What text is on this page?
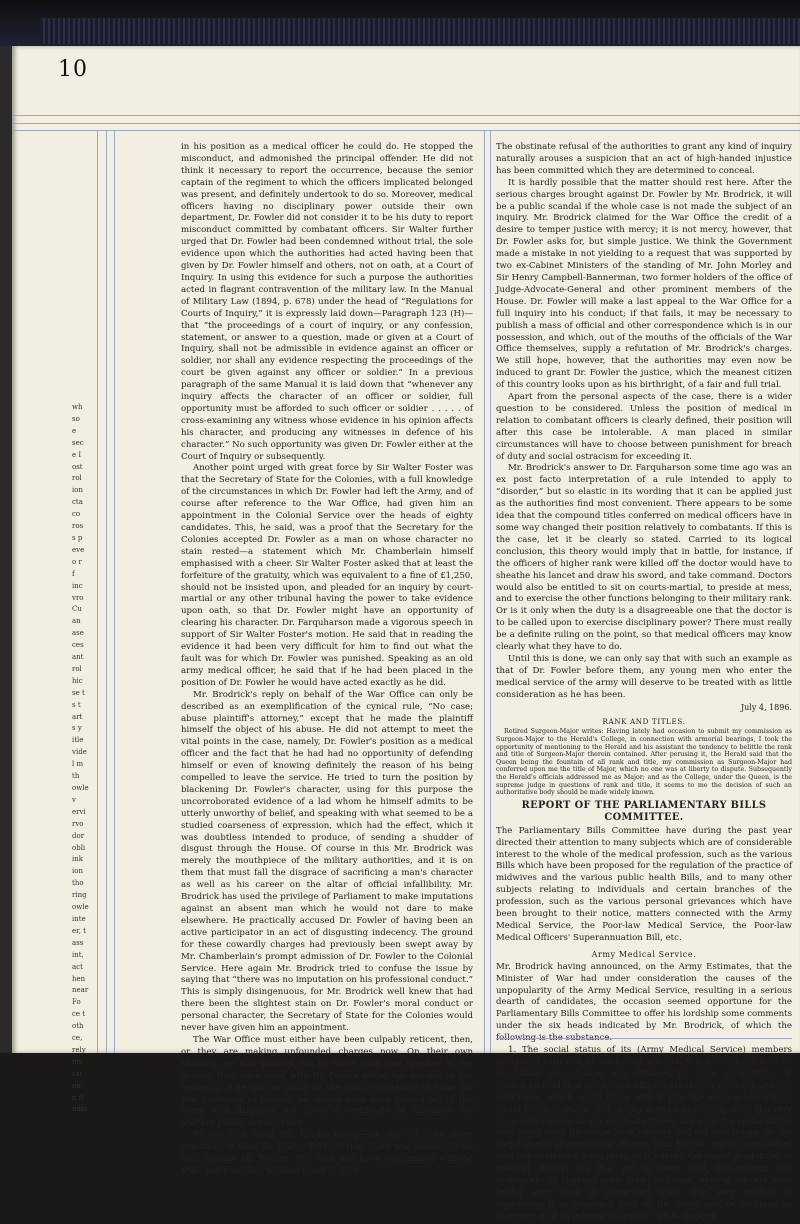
10

wh

so

e

sec

e I

ost

rol

ion

cta

co

ros

s p

eve

o r

f

inc

vro

Cu

an

ase

ces

ant

rol

hic

se t

s t

art

s y

itle

vide

l m

th

owle

v

ervi

rvo

dor

obli

ink

ion

tho

ring

owle

inte

er, t

ass

int,

act

hen

near

Fo

ce t

oth

ce,

rely

int

sai

oh,

n fl

ndio

in his position as a medical officer he could do. He stopped the misconduct, and admonished the principal offender. He did not think it necessary to report the occurrence, because the senior captain of the regiment to which the officers implicated belonged was present, and definitely undertook to do so. Moreover, medical officers having no disciplinary power outside their own department, Dr. Fowler did not consider it to be his duty to report misconduct committed by combatant officers. Sir Walter further urged that Dr. Fowler had been condemned without trial, the sole evidence upon which the authorities had acted having been that given by Dr. Fowler himself and others, not on oath, at a Court of Inquiry. In using this evidence for such a purpose the authorities acted in flagrant contravention of the military law. In the Manual of Military Law (1894, p. 678) under the head of “Regulations for Courts of Inquiry,” it is expressly laid down—Paragraph 123 (H)—that “the proceedings of a court of inquiry, or any confession, statement, or answer to a question, made or given at a Court of Inquiry, shall not be admissible in evidence against an officer or soldier, nor shall any evidence respecting the proceedings of the court be given against any officer or soldier.” In a previous paragraph of the same Manual it is laid down that “whenever any inquiry affects the character of an officer or soldier, full opportunity must be afforded to such officer or soldier . . . . . of cross-examining any witness whose evidence in his opinion affects his character, and producing any witnesses in defence of his character.” No such opportunity was given Dr. Fowler either at the Court of Inquiry or subsequently.

Another point urged with great force by Sir Walter Foster was that the Secretary of State for the Colonies, with a full knowledge of the circumstances in which Dr. Fowler had left the Army, and of course after reference to the War Office, had given him an appointment in the Colonial Service over the heads of eighty candidates. This, he said, was a proof that the Secretary for the Colonies accepted Dr. Fowler as a man on whose character no stain rested—a statement which Mr. Chamberlain himself emphasised with a cheer. Sir Walter Foster asked that at least the forfeiture of the gratuity, which was equivalent to a fine of £1,250, should not be insisted upon, and pleaded for an inquiry by court-martial or any other tribunal having the power to take evidence upon oath, so that Dr. Fowler might have an opportunity of clearing his character. Dr. Farquharson made a vigorous speech in support of Sir Walter Foster's motion. He said that in reading the evidence it had been very difficult for him to find out what the fault was for which Dr. Fowler was punished. Speaking as an old army medical officer, he said that if he had been placed in the position of Dr. Fowler he would have acted exactly as he did.

Mr. Brodrick's reply on behalf of the War Office can only be described as an exemplification of the cynical rule, “No case; abuse plaintiff's attorney,” except that he made the plaintiff himself the object of his abuse. He did not attempt to meet the vital points in the case, namely, Dr. Fowler's position as a medical officer and the fact that he had had no opportunity of defending himself or even of knowing definitely the reason of his being compelled to leave the service. He tried to turn the position by blackening Dr. Fowler's character, using for this purpose the uncorroborated evidence of a lad whom he himself admits to be utterly unworthy of belief, and speaking with what seemed to be a studied coarseness of expression, which had the effect, which it was doubtless intended to produce, of sending a shudder of disgust through the House. Of course in this Mr. Brodrick was merely the mouthpiece of the military authorities, and it is on them that must fall the disgrace of sacrificing a man's character as well as his career on the altar of official infallibility. Mr. Brodrick has used the privilege of Parliament to make imputations against an absent man which he would not dare to make elsewhere. He practically accused Dr. Fowler of having been an active participator in an act of disgusting indecency. The ground for these cowardly charges had previously been swept away by Mr. Chamberlain's prompt admission of Dr. Fowler to the Colonial Service. Here again Mr. Brodrick tried to confuse the issue by saying that “there was no imputation on his professional conduct.” This is simply disingenuous, for Mr. Brodrick well knew that had there been the slightest stain on Dr. Fowler's moral conduct or personal character, the Secretary of State for the Colonies would never have given him an appointment.

The War Office must either have been culpably reticent, then, or they are making unfounded charges now. On their own showing, as was pointed out by more than one speaker in the debate, they have dealt with Dr. Fowler either too harshly or too leniently; if he was as guilty as the Under-Secretary of State for War professes to believe, he should have been turned out of the Army with disgrace, not given a certificate of character for another public appointment.

To our own mind Mr. Brodrick's speech showed even more conclusively than Sir Walter Foster's that there was absolutely no case against Dr. Fowler. The man has been condemned without trial, and punished without proof of guilt.

The obstinate refusal of the authorities to grant any kind of inquiry naturally arouses a suspicion that an act of high-handed injustice has been committed which they are determined to conceal.

It is hardly possible that the matter should rest here. After the serious charges brought against Dr. Fowler by Mr. Brodrick, it will be a public scandal if the whole case is not made the subject of an inquiry. Mr. Brodrick claimed for the War Office the credit of a desire to temper justice with mercy; it is not mercy, however, that Dr. Fowler asks for, but simple justice. We think the Government made a mistake in not yielding to a request that was supported by two ex-Cabinet Ministers of the standing of Mr. John Morley and Sir Henry Campbell-Bannerman, two former holders of the office of Judge-Advocate-General and other prominent members of the House. Dr. Fowler will make a last appeal to the War Office for a full inquiry into his conduct; if that fails, it may be necessary to publish a mass of official and other correspondence which is in our possession, and which, out of the mouths of the officials of the War Office themselves, supply a refutation of Mr. Brodrick's charges. We still hope, however, that the authorities may even now be induced to grant Dr. Fowler the justice, which the meanest citizen of this country looks upon as his birthright, of a fair and full trial.

Apart from the personal aspects of the case, there is a wider question to be considered. Unless the position of medical in relation to combatant officers is clearly defined, their position will after this case be intolerable. A man placed in similar circumstances will have to choose between punishment for breach of duty and social ostracism for exceeding it.

Mr. Brodrick's answer to Dr. Farquharson some time ago was an ex post facto interpretation of a rule intended to apply to “disorder,” but so elastic in its wording that it can be applied just as the authorities find most convenient. There appears to be some idea that the compound titles conferred on medical officers have in some way changed their position relatively to combatants. If this is the case, let it be clearly so stated. Carried to its logical conclusion, this theory would imply that in battle, for instance, if the officers of higher rank were killed off the doctor would have to sheathe his lancet and draw his sword, and take command. Doctors would also be entitled to sit on courts-martial, to preside at mess, and to exercise the other functions belonging to their military rank. Or is it only when the duty is a disagreeable one that the doctor is to be called upon to exercise disciplinary power? There must really be a definite ruling on the point, so that medical officers may know clearly what they have to do.

Until this is done, we can only say that with such an example as that of Dr. Fowler before them, any young men who enter the medical service of the army will deserve to be treated with as little consideration as he has been.

July 4, 1896.

RANK AND TITLES.

Retired Surgeon-Major writes: Having lately had occasion to submit my commission as Surgeon-Major to the Herald's College, in connection with armorial bearings, I took the opportunity of mentioning to the Herald and his assistant the tendency to belittle the rank and title of Surgeon-Major therein contained. After perusing it, the Herald said that the Queen being the fountain of all rank and title, my commission as Surgeon-Major had conferred upon me the title of Major, which no one was at liberty to dispute. Subsequently the Herald's officials addressed me as Major; and as the College, under the Queen, is the supreme judge in questions of rank and title, it seems to me the decision of such an authoritative body should be made widely known.

REPORT OF THE PARLIAMENTARY BILLS COMMITTEE.

The Parliamentary Bills Committee have during the past year directed their attention to many subjects which are of considerable interest to the whole of the medical profession, such as the various Bills which have been proposed for the regulation of the practice of midwives and the various public health Bills, and to many other subjects relating to individuals and certain branches of the profession, such as the various personal grievances which have been brought to their notice, matters connected with the Army Medical Service, the Poor-law Medical Service, the Poor-law Medical Officers' Superannuation Bill, etc.

Army Medical Service.

Mr. Brodrick having announced, on the Army Estimates, that the Minister of War had under consideration the causes of the unpopularity of the Army Medical Service, resulting in a serious dearth of candidates, the occasion seemed opportune for the Parliamentary Bills Committee to offer his lordship some comments under the six heads indicated by Mr. Brodrick, of which the following is the substance.

1. The social status of its (Army Medical Service) members compared with that of combatant officers. It is pointed out that, as combatant commissions are obtained by open competition, it cannot be held that combatant officers are drawn from any definite civil class, which might bring with it into the army a recognised social caste or status; but, being derived practically from the very same civil classes as are medical officers, any superior social status they enjoy must therefore be of military and not civil origin. As the social status of combatant officers thus hinges, not on antecedent civil but conferred army rank, so it follows the social disabilities of medical officers are due, not to lower civil, but inferior and systematically slighted army rank. Although medical officers have titular army rank in compound titles, that very method of expressing it is regarded both in the army and by civilians as stamping it of an inferior character; while through
